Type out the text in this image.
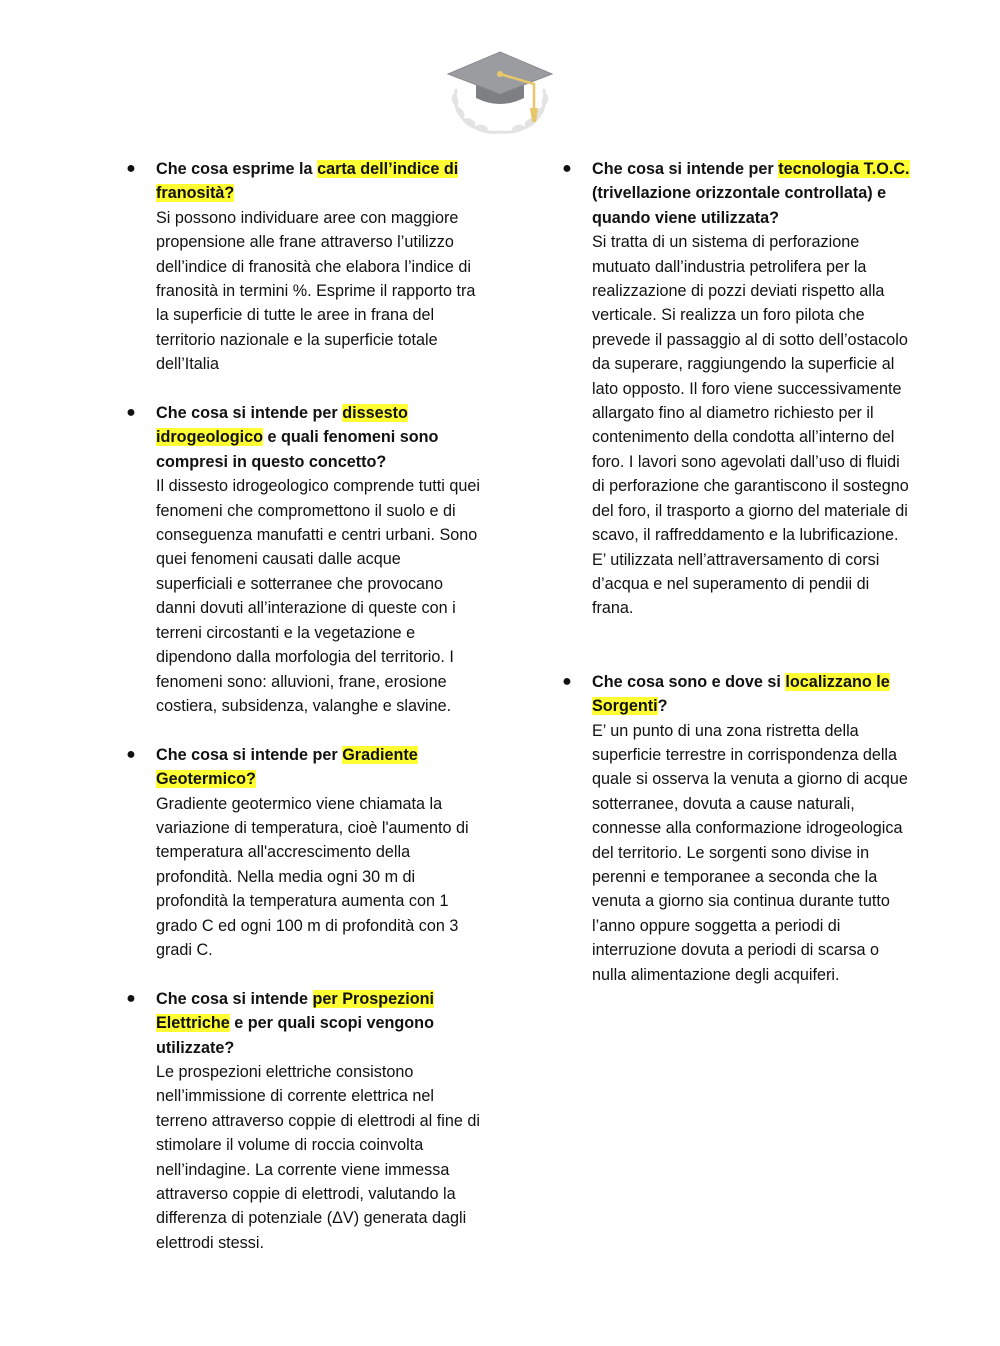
● Che cosa esprime la carta dell’indice di franosità?
Si possono individuare aree con maggiore propensione alle frane attraverso l’utilizzo dell’indice di franosità che elabora l’indice di franosità in termini %. Esprime il rapporto tra la superficie di tutte le aree in frana del territorio nazionale e la superficie totale dell’Italia
● Che cosa si intende per dissesto idrogeologico e quali fenomeni sono compresi in questo concetto?
Il dissesto idrogeologico comprende tutti quei fenomeni che compromettono il suolo e di conseguenza manufatti e centri urbani. Sono quei fenomeni causati dalle acque superficiali e sotterranee che provocano danni dovuti all’interazione di queste con i terreni circostanti e la vegetazione e dipendono dalla morfologia del territorio. I fenomeni sono: alluvioni, frane, erosione costiera, subsidenza, valanghe e slavine.
● Che cosa si intende per Gradiente Geotermico?
Gradiente geotermico viene chiamata la variazione di temperatura, cioè l'aumento di temperatura all'accrescimento della profondità. Nella media ogni 30 m di profondità la temperatura aumenta con 1 grado C ed ogni 100 m di profondità con 3 gradi C.
● Che cosa si intende per Prospezioni Elettriche e per quali scopi vengono utilizzate?
Le prospezioni elettriche consistono nell’immissione di corrente elettrica nel terreno attraverso coppie di elettrodi al fine di stimolare il volume di roccia coinvolta nell’indagine. La corrente viene immessa attraverso coppie di elettrodi, valutando la differenza di potenziale (ΔV) generata dagli elettrodi stessi.
● Che cosa si intende per tecnologia T.O.C. (trivellazione orizzontale controllata) e quando viene utilizzata?
Si tratta di un sistema di perforazione mutuato dall’industria petrolifera per la realizzazione di pozzi deviati rispetto alla verticale. Si realizza un foro pilota che prevede il passaggio al di sotto dell’ostacolo da superare, raggiungendo la superficie al lato opposto. Il foro viene successivamente allargato fino al diametro richiesto per il contenimento della condotta all’interno del foro. I lavori sono agevolati dall’uso di fluidi di perforazione che garantiscono il sostegno del foro, il trasporto a giorno del materiale di scavo, il raffreddamento e la lubrificazione. E’ utilizzata nell’attraversamento di corsi d’acqua e nel superamento di pendii di frana.
● Che cosa sono e dove si localizzano le Sorgenti?
E’ un punto di una zona ristretta della superficie terrestre in corrispondenza della quale si osserva la venuta a giorno di acque sotterranee, dovuta a cause naturali, connesse alla conformazione idrogeologica del territorio. Le sorgenti sono divise in perenni e temporanee a seconda che la venuta a giorno sia continua durante tutto l’anno oppure soggetta a periodi di interruzione dovuta a periodi di scarsa o nulla alimentazione degli acquiferi.
